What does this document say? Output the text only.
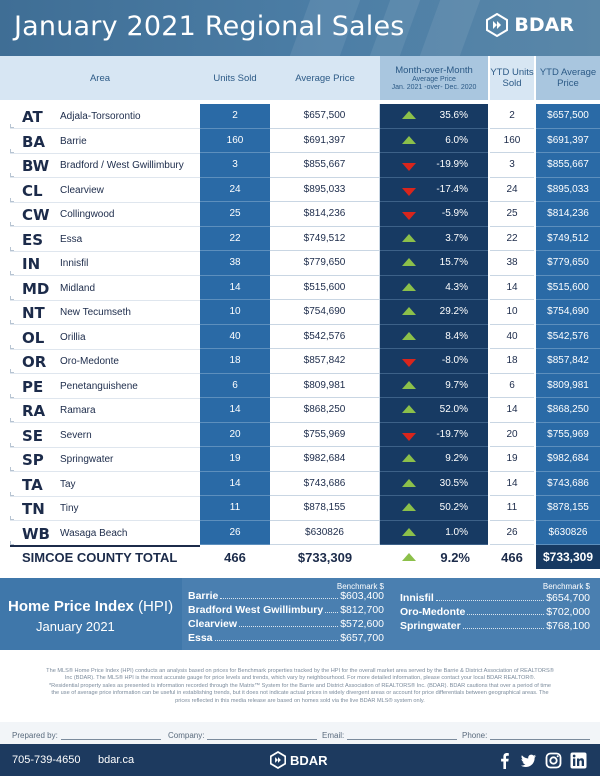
January 2021 Regional Sales	BDAR
Area	Units Sold	Average Price
Month-over-Month
Average Price
Jan. 2021 -over- Dec. 2020
YTD Units Sold
YTD Average Price
AT Adjala-Torsorontio	2	$657,500	35.6%	2	$657,500
BA Barrie	160	$691,397	6.0%	160	$691,397
BW Bradford / West Gwillimbury	3	$855,667	-19.9%	3	$855,667
CL Clearview	24	$895,033	-17.4%	24	$895,033
CW Collingwood	25	$814,236	-5.9%	25	$814,236
ES Essa	22	$749,512	3.7%	22	$749,512
IN Innisfil	38	$779,650	15.7%	38	$779,650
MD Midland	14	$515,600	4.3%	14	$515,600
NT New Tecumseth	10	$754,690	29.2%	10	$754,690
OL Orillia	40	$542,576	8.4%	40	$542,576
OR Oro-Medonte	18	$857,842	-8.0%	18	$857,842
PE Penetanguishene	6	$809,981	9.7%	6	$809,981
RA Ramara	14	$868,250	52.0%	14	$868,250
SE Severn	20	$755,969	-19.7%	20	$755,969
SP Springwater	19	$982,684	9.2%	19	$982,684
TA Tay	14	$743,686	30.5%	14	$743,686
TN Tiny	11	$878,155	50.2%	11	$878,155
WB Wasaga Beach	26	$630826	1.0%	26	$630826
SIMCOE COUNTY TOTAL	466	$733,309	9.2%	466	$733,309
Home Price Index (HPI)
January 2021
Benchmark $	Benchmark $
Barrie	$603,400
Bradford West Gwillimbury $812,700
Clearview	$572,600
Essa	$657,700
Innisfil	$654,700
Oro-Medonte	$702,000
Springwater	$768,100
The MLS® Home Price Index (HPI) conducts an analysis based on prices for Benchmark properties tracked by the HPI for the overall market area served by the Barrie & District Association of REALTORS®
Inc (BDAR). The MLS® HPI is the most accurate gauge for price levels and trends, which vary by neighbourhood. For more detailed information, please contact your local BDAR REALTOR®.
*Residential property sales as presented is information recorded through the Matrix™ System for the Barrie and District Association of REALTORS® Inc. (BDAR). BDAR cautions that over a period of time
the use of average price information can be useful in establishing trends, but it does not indicate actual prices in widely divergent areas or account for price differentials between geographical areas. The
prices reflected in this media release are based on homes sold via the live BDAR MLS® system only.
Prepared by:	Company:	Email:	Phone:
705-739-4650 bdar.ca	BDAR
